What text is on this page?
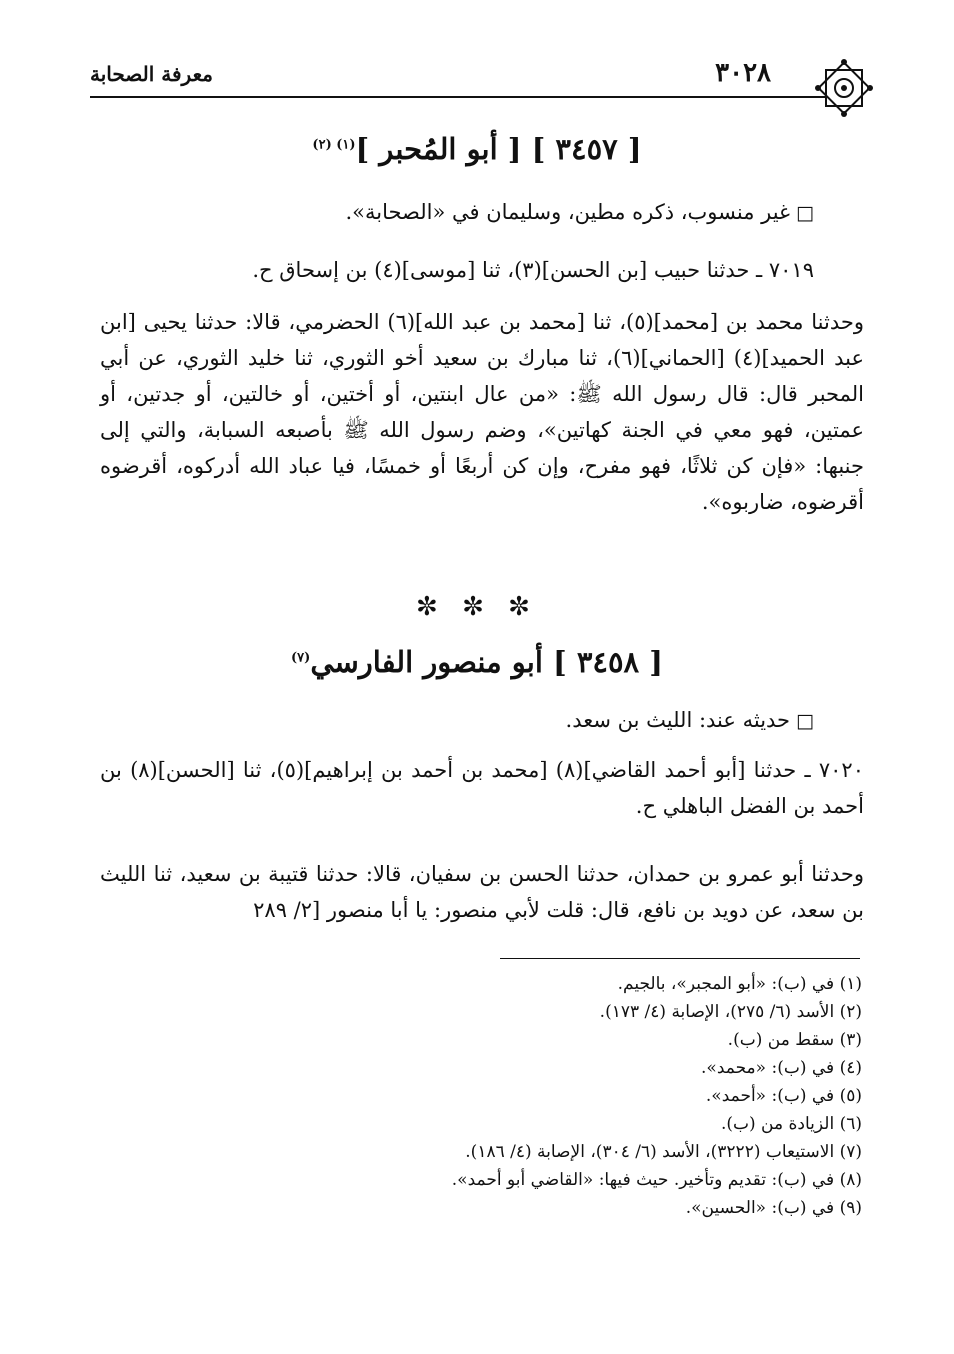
٣٠٢٨
معرفة الصحابة
[ ٣٤٥٧ ] [ أبو المُحبر ]$^{(١) (٢)}$

□غير منسوب، ذكره مطين، وسليمان في «الصحابة».

٧٠١٩ ـ حدثنا حبيب [بن الحسن](٣)، ثنا [موسى](٤) بن إسحاق ح.

وحدثنا محمد بن [محمد](٥)، ثنا [محمد بن عبد الله](٦) الحضرمي، قالا: حدثنا يحيى [ابن عبد الحميد](٤) [الحماني](٦)، ثنا مبارك بن سعيد أخو الثوري، ثنا خليد الثوري، عن أبي المحبر قال: قال رسول الله ﷺ: «من عال ابنتين، أو أختين، أو خالتين، أو جدتين، أو عمتين، فهو معي في الجنة كهاتين»، وضم رسول الله ﷺ بأصبعه السبابة، والتي إلى جنبها: «فإن كن ثلاثًا، فهو مفرح، وإن كن أربعًا أو خمسًا، فيا عباد الله أدركوه، أقرضوه أقرضوه، ضاربوه».

✼ ✼ ✼
[ ٣٤٥٨ ] أبو منصور الفارسي$^{(٧)}$

□حديثه عند: الليث بن سعد.

٧٠٢٠ ـ حدثنا [أبو أحمد القاضي](٨) [محمد بن أحمد بن إبراهيم](٥)، ثنا [الحسن](٨) بن أحمد بن الفضل الباهلي ح.

وحدثنا أبو عمرو بن حمدان، حدثنا الحسن بن سفيان، قالا: حدثنا قتيبة بن سعيد، ثنا الليث بن سعد، عن دويد بن نافع، قال: قلت لأبي منصور: يا أبا منصور [٢/ ٢٨٩

(١) في (ب): «أبو المجبر»، بالجيم.
(٢) الأسد (٦/ ٢٧٥)، الإصابة (٤/ ١٧٣).
(٣) سقط من (ب).
(٤) في (ب): «محمد».
(٥) في (ب): «أحمد».
(٦) الزيادة من (ب).
(٧) الاستيعاب (٣٢٢٢)، الأسد (٦/ ٣٠٤)، الإصابة (٤/ ١٨٦).
(٨) في (ب): تقديم وتأخير. حيث فيها: «القاضي أبو أحمد».
(٩) في (ب): «الحسين».
